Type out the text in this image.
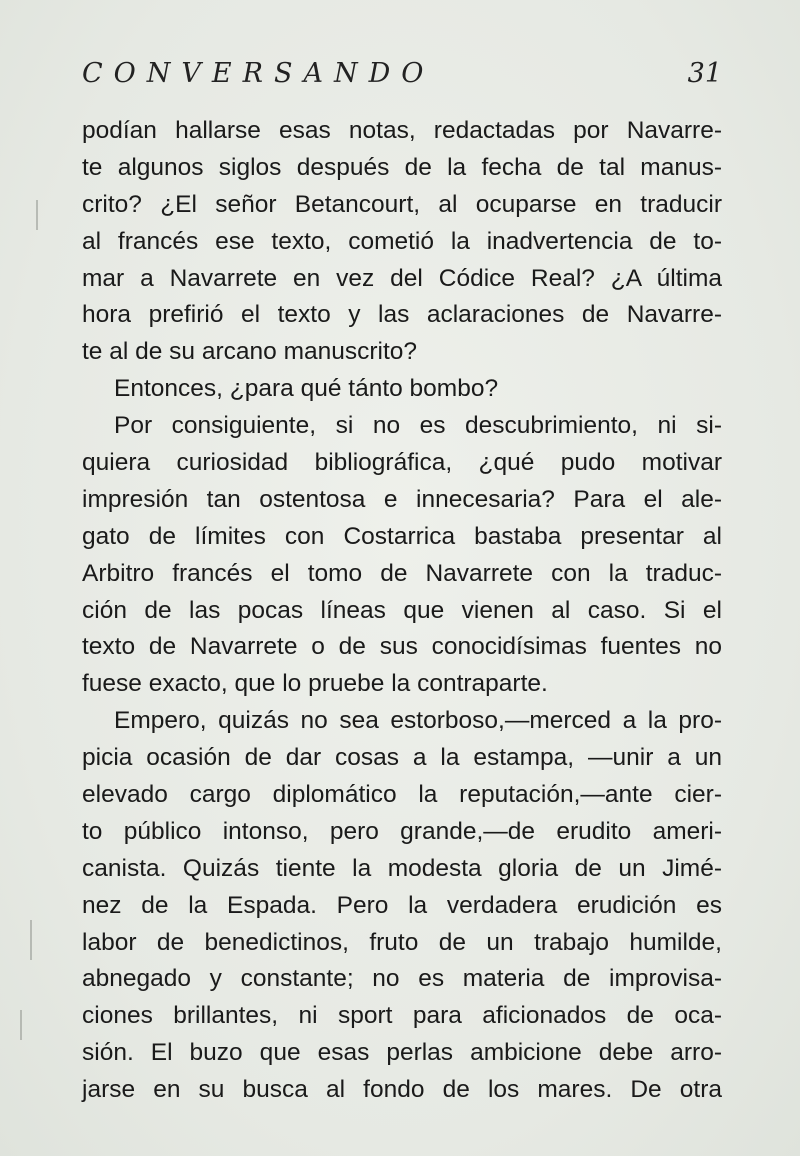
CONVERSANDO	31
podían hallarse esas notas, redactadas por Navarre-
te algunos siglos después de la fecha de tal manus-
crito? ¿El señor Betancourt, al ocuparse en traducir
al francés ese texto, cometió la inadvertencia de to-
mar a Navarrete en vez del Códice Real? ¿A última
hora prefirió el texto y las aclaraciones de Navarre-
te al de su arcano manuscrito?
Entonces, ¿para qué tánto bombo?
Por consiguiente, si no es descubrimiento, ni si-
quiera curiosidad bibliográfica, ¿qué pudo motivar
impresión tan ostentosa e innecesaria? Para el ale-
gato de límites con Costarrica bastaba presentar al
Arbitro francés el tomo de Navarrete con la traduc-
ción de las pocas líneas que vienen al caso. Si el
texto de Navarrete o de sus conocidísimas fuentes no
fuese exacto, que lo pruebe la contraparte.
Empero, quizás no sea estorboso,—merced a la pro-
picia ocasión de dar cosas a la estampa, —unir a un
elevado cargo diplomático la reputación,—ante cier-
to público intonso, pero grande,—de erudito ameri-
canista. Quizás tiente la modesta gloria de un Jimé-
nez de la Espada. Pero la verdadera erudición es
labor de benedictinos, fruto de un trabajo humilde,
abnegado y constante; no es materia de improvisa-
ciones brillantes, ni sport para aficionados de oca-
sión. El buzo que esas perlas ambicione debe arro-
jarse en su busca al fondo de los mares. De otra
